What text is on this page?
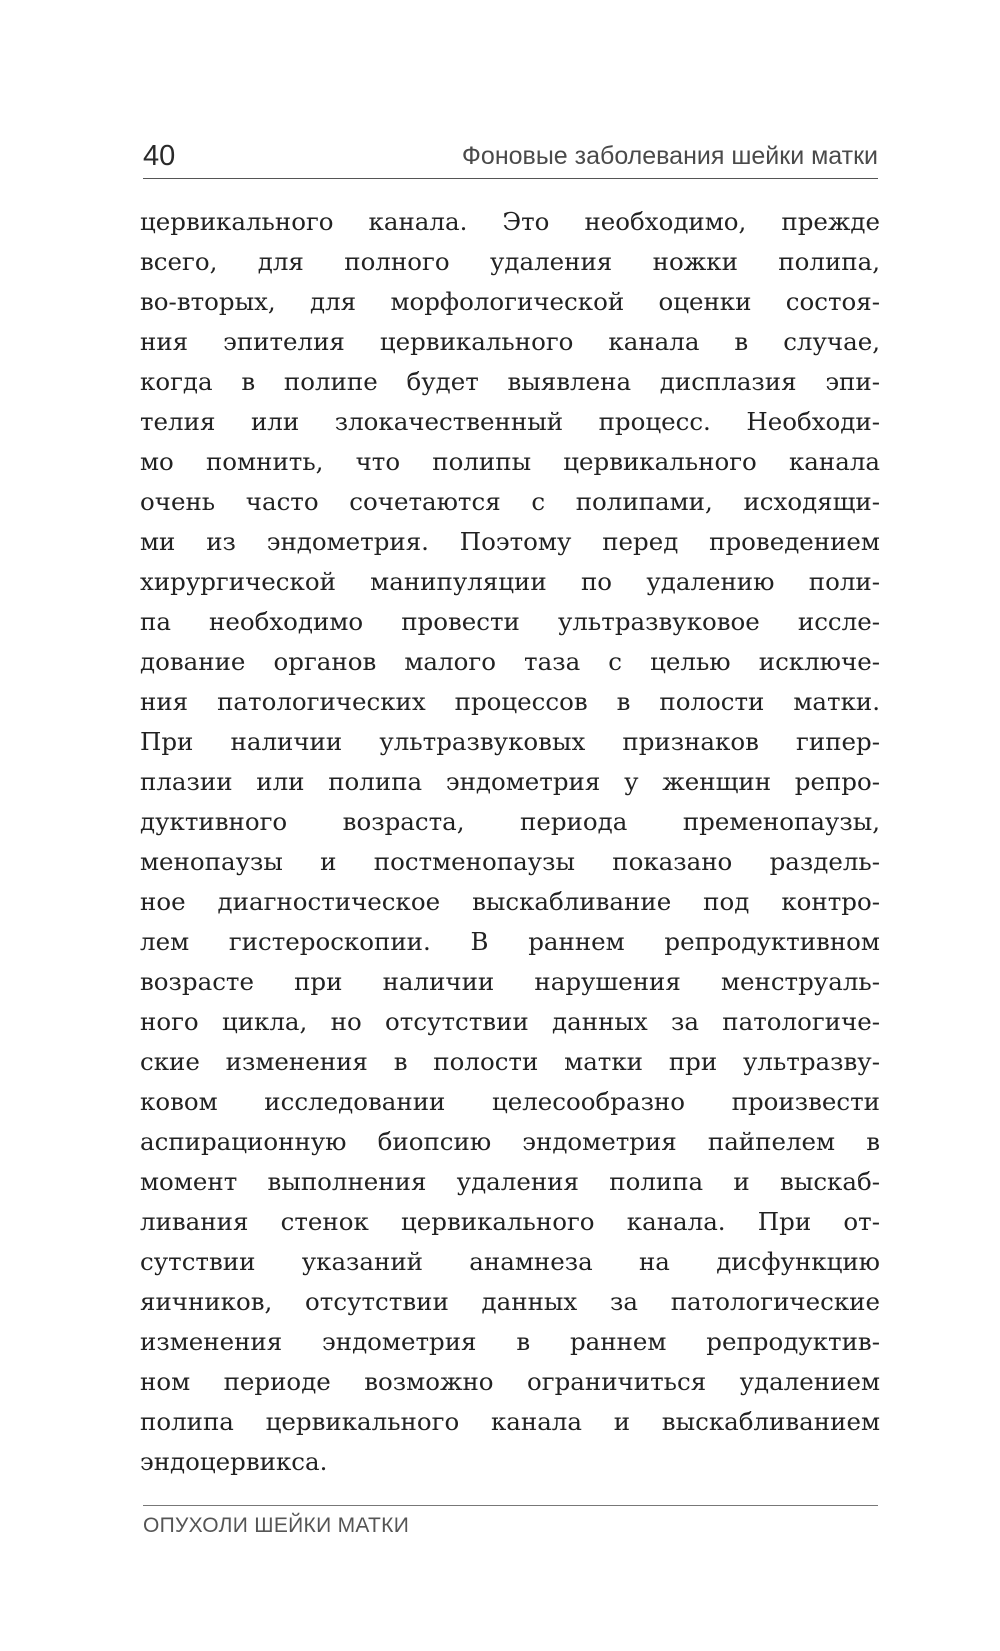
40	Фоновые заболевания шейки матки
цервикального канала. Это необходимо, прежде
всего, для полного удаления ножки полипа,
во-вторых, для морфологической оценки состоя-
ния эпителия цервикального канала в случае,
когда в полипе будет выявлена дисплазия эпи-
телия или злокачественный процесс. Необходи-
мо помнить, что полипы цервикального канала
очень часто сочетаются с полипами, исходящи-
ми из эндометрия. Поэтому перед проведением
хирургической манипуляции по удалению поли-
па необходимо провести ультразвуковое иссле-
дование органов малого таза с целью исключе-
ния патологических процессов в полости матки.
При наличии ультразвуковых признаков гипер-
плазии или полипа эндометрия у женщин репро-
дуктивного возраста, периода пременопаузы,
менопаузы и постменопаузы показано раздель-
ное диагностическое выскабливание под контро-
лем гистероскопии. В раннем репродуктивном
возрасте при наличии нарушения менструаль-
ного цикла, но отсутствии данных за патологиче-
ские изменения в полости матки при ультразву-
ковом исследовании целесообразно произвести
аспирационную биопсию эндометрия пайпелем в
момент выполнения удаления полипа и выскаб-
ливания стенок цервикального канала. При от-
сутствии указаний анамнеза на дисфункцию
яичников, отсутствии данных за патологические
изменения эндометрия в раннем репродуктив-
ном периоде возможно ограничиться удалением
полипа цервикального канала и выскабливанием
эндоцервикса.
ОПУХОЛИ ШЕЙКИ МАТКИ
